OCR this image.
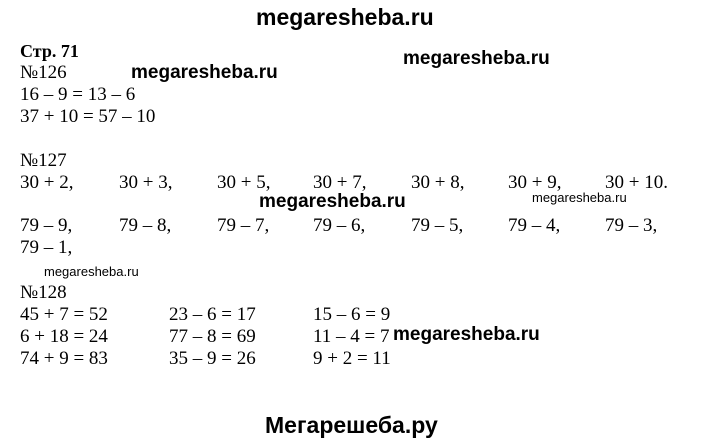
megaresheba.ru
Стр. 71
№126
16 – 9 = 13 – 6
37 + 10 = 57 – 10
megaresheba.ru
megaresheba.ru
№127
30 + 2, 30 + 3, 30 + 5, 30 + 7, 30 + 8, 30 + 9, 30 + 10.
megaresheba.ru	megaresheba.ru
79 – 9, 79 – 8, 79 – 7, 79 – 6, 79 – 5, 79 – 4, 79 – 3,
79 – 1,
megaresheba.ru
№128
45 + 7 = 52
6 + 18 = 24
74 + 9 = 83
23 – 6 = 17
77 – 8 = 69
35 – 9 = 26
15 – 6 = 9
11 – 4 = 7
9 + 2 = 11
megaresheba.ru
Мегарешеба.ру
